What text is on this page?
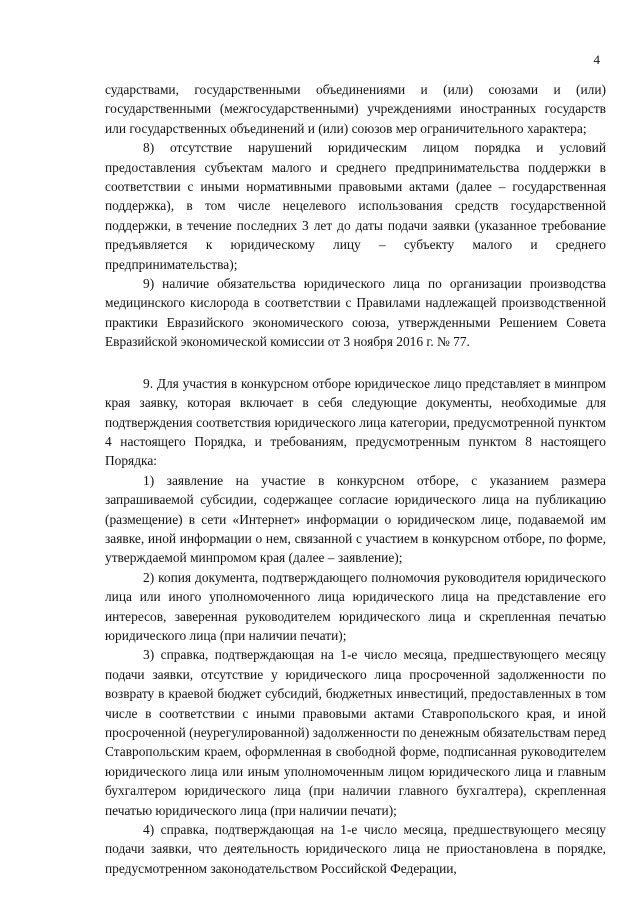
4

сударствами, государственными объединениями и (или) союзами и (или) государственными (межгосударственными) учреждениями иностранных государств или государственных объединений и (или) союзов мер ограничительного характера;

8) отсутствие нарушений юридическим лицом порядка и условий предоставления субъектам малого и среднего предпринимательства поддержки в соответствии с иными нормативными правовыми актами (далее – государственная поддержка), в том числе нецелевого использования средств государственной поддержки, в течение последних 3 лет до даты подачи заявки (указанное требование предъявляется к юридическому лицу – субъекту малого и среднего предпринимательства);

9) наличие обязательства юридического лица по организации производства медицинского кислорода в соответствии с Правилами надлежащей производственной практики Евразийского экономического союза, утвержденными Решением Совета Евразийской экономической комиссии от 3 ноября 2016 г. № 77.

9. Для участия в конкурсном отборе юридическое лицо представляет в минпром края заявку, которая включает в себя следующие документы, необходимые для подтверждения соответствия юридического лица категории, предусмотренной пунктом 4 настоящего Порядка, и требованиям, предусмотренным пунктом 8 настоящего Порядка:

1) заявление на участие в конкурсном отборе, с указанием размера запрашиваемой субсидии, содержащее согласие юридического лица на публикацию (размещение) в сети «Интернет» информации о юридическом лице, подаваемой им заявке, иной информации о нем, связанной с участием в конкурсном отборе, по форме, утверждаемой минпромом края (далее – заявление);

2) копия документа, подтверждающего полномочия руководителя юридического лица или иного уполномоченного лица юридического лица на представление его интересов, заверенная руководителем юридического лица и скрепленная печатью юридического лица (при наличии печати);

3) справка, подтверждающая на 1-е число месяца, предшествующего месяцу подачи заявки, отсутствие у юридического лица просроченной задолженности по возврату в краевой бюджет субсидий, бюджетных инвестиций, предоставленных в том числе в соответствии с иными правовыми актами Ставропольского края, и иной просроченной (неурегулированной) задолженности по денежным обязательствам перед Ставропольским краем, оформленная в свободной форме, подписанная руководителем юридического лица или иным уполномоченным лицом юридического лица и главным бухгалтером юридического лица (при наличии главного бухгалтера), скрепленная печатью юридического лица (при наличии печати);

4) справка, подтверждающая на 1-е число месяца, предшествующего месяцу подачи заявки, что деятельность юридического лица не приостановлена в порядке, предусмотренном законодательством Российской Федерации,
